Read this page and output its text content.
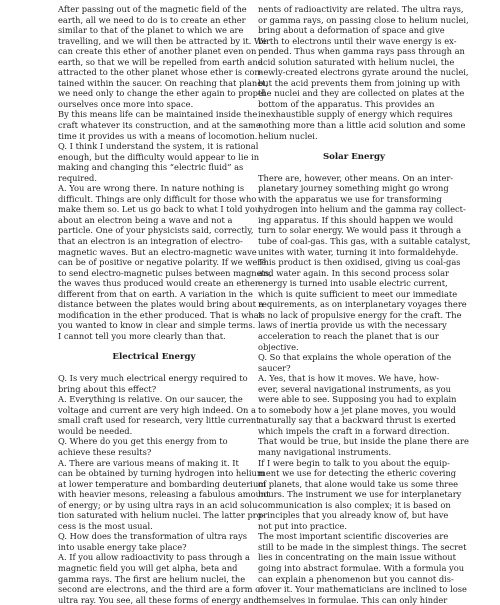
After passing out of the magnetic field of the
earth, all we need to do is to create an ether
similar to that of the planet to which we are
travelling, and we will then be attracted by it. We
can create this ether of another planet even on
earth, so that we will be repelled from earth and
attracted to the other planet whose ether is con-
tained within the saucer. On reaching that planet,
we need only to change the ether again to propel
ourselves once more into space.
By this means life can be maintained inside the
craft whatever its construction, and at the same
time it provides us with a means of locomotion.
Q. I think I understand the system, it is rational
enough, but the difficulty would appear to lie in
making and changing this “electric fluid” as
required.
A. You are wrong there. In nature nothing is
difficult. Things are only difficult for those who
make them so. Let us go back to what I told you
about an electron being a wave and not a
particle. One of your physicists said, correctly,
that an electron is an integration of electro-
magnetic waves. But an electro-magnetic wave
can be of positive or negative polarity. If we were
to send electro-magnetic pulses between magnets,
the waves thus produced would create an ether
different from that on earth. A variation in the
distance between the plates would bring about a
modification in the ether produced. That is what
you wanted to know in clear and simple terms.
I cannot tell you more clearly than that.
Electrical Energy
Q. Is very much electrical energy required to
bring about this effect?
A. Everything is relative. On our saucer, the
voltage and current are very high indeed. On a
small craft used for research, very little current
would be needed.
Q. Where do you get this energy from to
achieve these results?
A. There are various means of making it. It
can be obtained by turning hydrogen into helium
at lower temperature and bombarding deuterium
with heavier mesons, releasing a fabulous amount
of energy; or by using ultra rays in an acid solu-
tion saturated with helium nuclei. The latter pro-
cess is the most usual.
Q. How does the transformation of ultra rays
into usable energy take place?
A. If you allow radioactivity to pass through a
magnetic field you will get alpha, beta and
gamma rays. The first are helium nuclei, the
second are electrons, and the third are a form of
ultra ray. You see, all these forms of energy and
nents of radioactivity are related. The ultra rays,
or gamma rays, on passing close to helium nuclei,
bring about a deformation of space and give
birth to electrons until their wave energy is ex-
pended. Thus when gamma rays pass through an
acid solution saturated with helium nuclei, the
newly-created electrons gyrate around the nuclei,
but the acid prevents them from joining up with
the nuclei and they are collected on plates at the
bottom of the apparatus. This provides an
inexhaustible supply of energy which requires
nothing more than a little acid solution and some
helium nuclei.
Solar Energy
There are, however, other means. On an inter-
planetary journey something might go wrong
with the apparatus we use for transforming
hydrogen into helium and the gamma ray collect-
ing apparatus. If this should happen we would
turn to solar energy. We would pass it through a
tube of coal-gas. This gas, with a suitable catalyst,
unites with water, turning it into formaldehyde.
This product is then oxidised, giving us coal-gas
and water again. In this second process solar
energy is turned into usable electric current,
which is quite sufficient to meet our immediate
requirements, as on interplanetary voyages there
is no lack of propulsive energy for the craft. The
laws of inertia provide us with the necessary
acceleration to reach the planet that is our
objective.
Q. So that explains the whole operation of the
saucer?
A. Yes, that is how it moves. We have, how-
ever, several navigational instruments, as you
were able to see. Supposing you had to explain
to somebody how a jet plane moves, you would
naturally say that a backward thrust is exerted
which impels the craft in a forward direction.
That would be true, but inside the plane there are
many navigational instruments.
If I were begin to talk to you about the equip-
ment we use for detecting the etheric covering
of planets, that alone would take us some three
hours. The instrument we use for interplanetary
communication is also complex; it is based on
principles that you already know of, but have
not put into practice.
The most important scientific discoveries are
still to be made in the simplest things. The secret
lies in concentrating on the main issue without
going into abstract formulae. With a formula you
can explain a phenomenon but you cannot dis-
cover it. Your mathematicians are inclined to lose
themselves in formulae. This can only hinder
